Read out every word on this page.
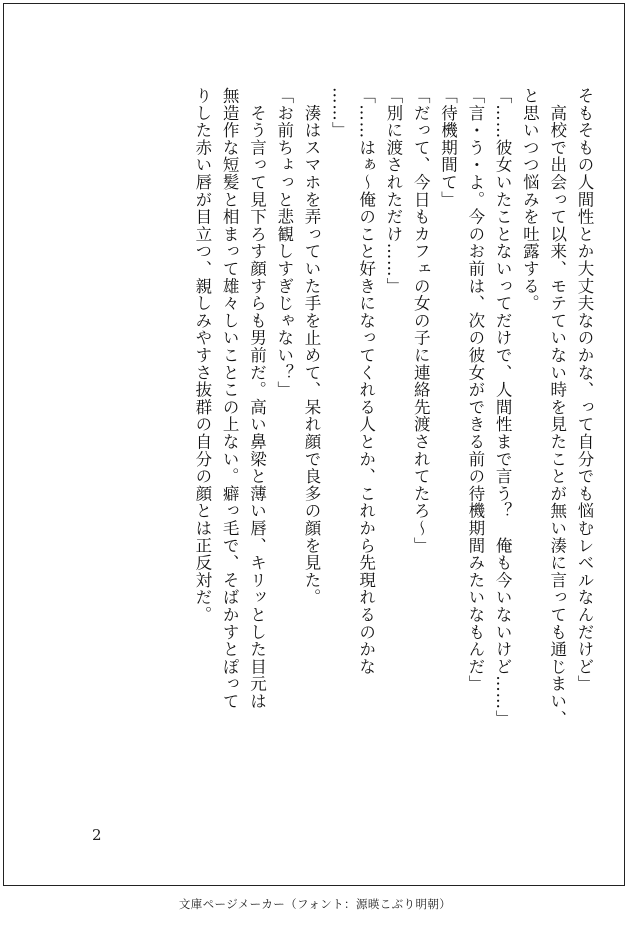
そもそもの人間性とか大丈夫なのかな、って自分でも悩むレベルなんだけど」
　高校で出会って以来、モテていない時を見たことが無い湊に言っても通じまい、
と思いつつ悩みを吐露する。
「……彼女いたことないってだけで、人間性まで言う？　俺も今いないけど……」
「言・う・よ。今のお前は、次の彼女ができる前の待機期間みたいなもんだ」
「待機期間て」
「だって、今日もカフェの女の子に連絡先渡されてたろ～」
「別に渡されただけ……」
「……はぁ～俺のこと好きになってくれる人とか、これから先現れるのかな
……」
　湊はスマホを弄っていた手を止めて、呆れ顔で良多の顔を見た。
「お前ちょっと悲観しすぎじゃない？」
　そう言って見下ろす顔すらも男前だ。高い鼻梁と薄い唇、キリッとした目元は
無造作な短髪と相まって雄々しいことこの上ない。癖っ毛で、そばかすとぽって
りした赤い唇が目立つ、親しみやすさ抜群の自分の顔とは正反対だ。
2
文庫ページメーカー（フォント：源暎こぶり明朝）
